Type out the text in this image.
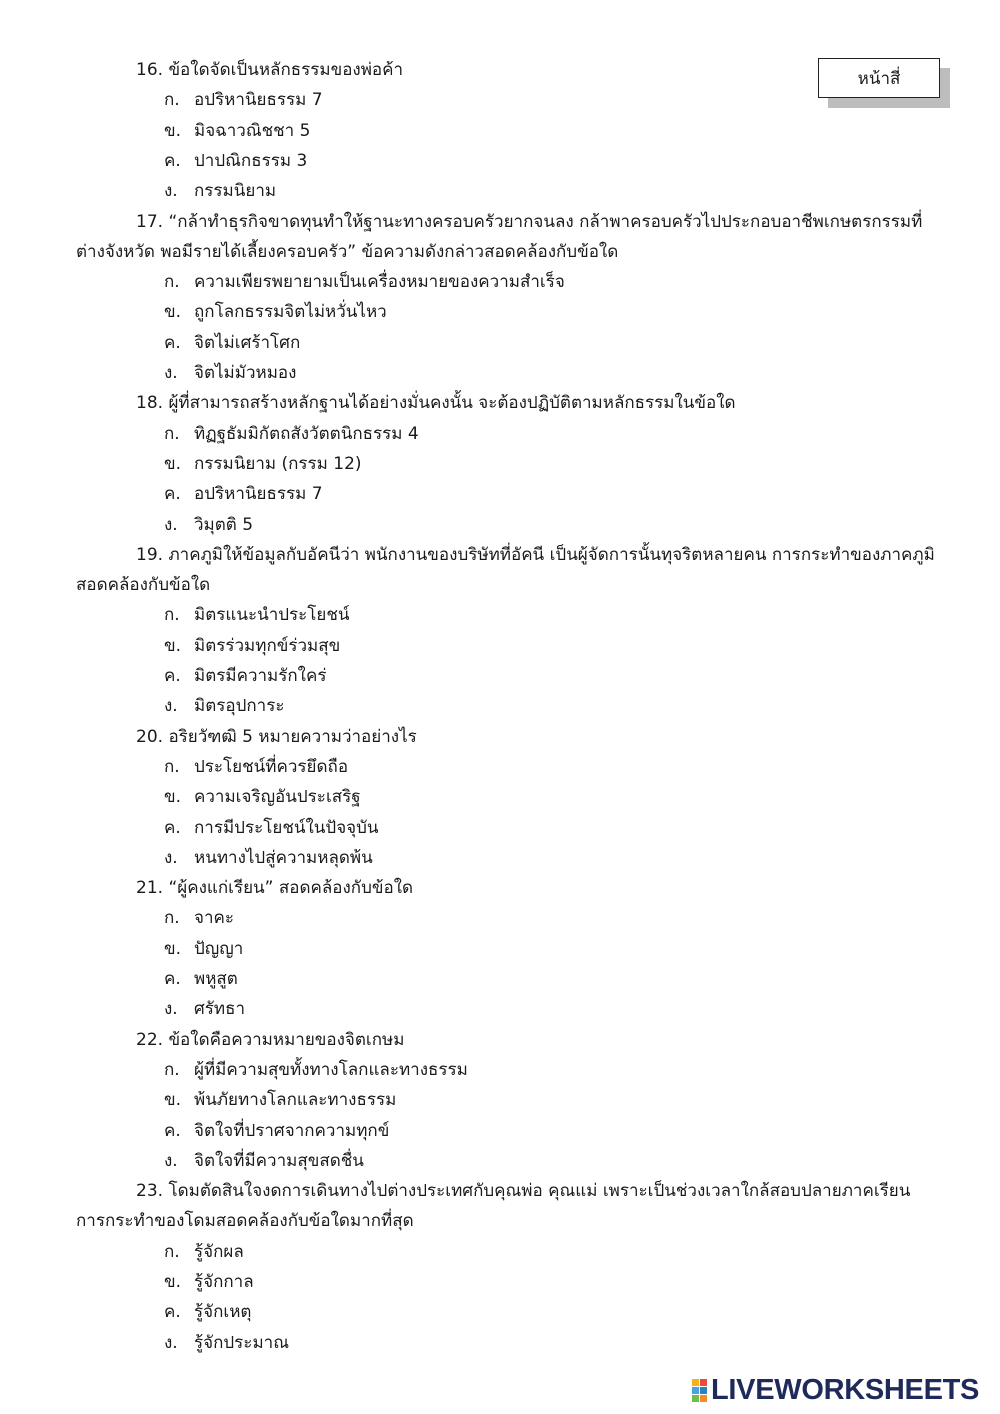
หน้าสี่
16. ข้อใดจัดเป็นหลักธรรมของพ่อค้า
ก. อปริหานิยธรรม 7
ข. มิจฉาวณิชชา 5
ค. ปาปณิกธรรม 3
ง. กรรมนิยาม
17. “กล้าทำธุรกิจขาดทุนทำให้ฐานะทางครอบครัวยากจนลง กล้าพาครอบครัวไปประกอบอาชีพเกษตรกรรมที่
ต่างจังหวัด พอมีรายได้เลี้ยงครอบครัว” ข้อความดังกล่าวสอดคล้องกับข้อใด
ก. ความเพียรพยายามเป็นเครื่องหมายของความสำเร็จ
ข. ถูกโลกธรรมจิตไม่หวั่นไหว
ค. จิตไม่เศร้าโศก
ง. จิตไม่มัวหมอง
18. ผู้ที่สามารถสร้างหลักฐานได้อย่างมั่นคงนั้น จะต้องปฏิบัติตามหลักธรรมในข้อใด
ก. ทิฏฐธัมมิกัตถสังวัตตนิกธรรม 4
ข. กรรมนิยาม (กรรม 12)
ค. อปริหานิยธรรม 7
ง. วิมุตติ 5
19. ภาคภูมิให้ข้อมูลกับอัคนีว่า พนักงานของบริษัทที่อัคนี เป็นผู้จัดการนั้นทุจริตหลายคน การกระทำของภาคภูมิ
สอดคล้องกับข้อใด
ก. มิตรแนะนำประโยชน์
ข. มิตรร่วมทุกข์ร่วมสุข
ค. มิตรมีความรักใคร่
ง. มิตรอุปการะ
20. อริยวัฑฒิ 5 หมายความว่าอย่างไร
ก. ประโยชน์ที่ควรยึดถือ
ข. ความเจริญอันประเสริฐ
ค. การมีประโยชน์ในปัจจุบัน
ง. หนทางไปสู่ความหลุดพ้น
21. “ผู้คงแก่เรียน” สอดคล้องกับข้อใด
ก. จาคะ
ข. ปัญญา
ค. พหูสูต
ง. ศรัทธา
22. ข้อใดคือความหมายของจิตเกษม
ก. ผู้ที่มีความสุขทั้งทางโลกและทางธรรม
ข. พ้นภัยทางโลกและทางธรรม
ค. จิตใจที่ปราศจากความทุกข์
ง. จิตใจที่มีความสุขสดชื่น
23. โดมตัดสินใจงดการเดินทางไปต่างประเทศกับคุณพ่อ คุณแม่ เพราะเป็นช่วงเวลาใกล้สอบปลายภาคเรียน
การกระทำของโดมสอดคล้องกับข้อใดมากที่สุด
ก. รู้จักผล
ข. รู้จักกาล
ค. รู้จักเหตุ
ง. รู้จักประมาณ
LIVEWORKSHEETS
